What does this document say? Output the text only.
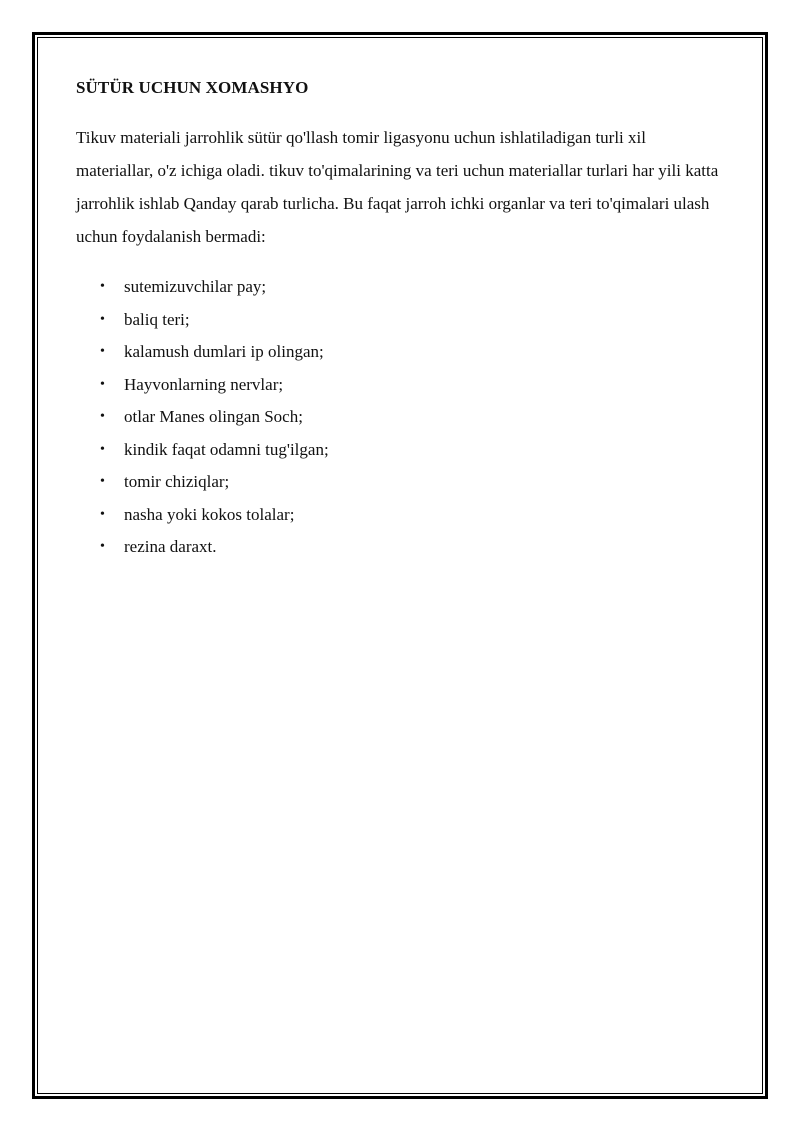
SÜTÜR UCHUN XOMASHYO

Tikuv materiali jarrohlik sütür qo'llash tomir ligasyonu uchun ishlatiladigan turli xil materiallar, o'z ichiga oladi. tikuv to'qimalarining va teri uchun materiallar turlari har yili katta jarrohlik ishlab Qanday qarab turlicha. Bu faqat jarroh ichki organlar va teri to'qimalari ulash uchun foydalanish bermadi:

• sutemizuvchilar pay;
• baliq teri;
• kalamush dumlari ip olingan;
• Hayvonlarning nervlar;
• otlar Manes olingan Soch;
• kindik faqat odamni tug'ilgan;
• tomir chiziqlar;
• nasha yoki kokos tolalar;
• rezina daraxt.
